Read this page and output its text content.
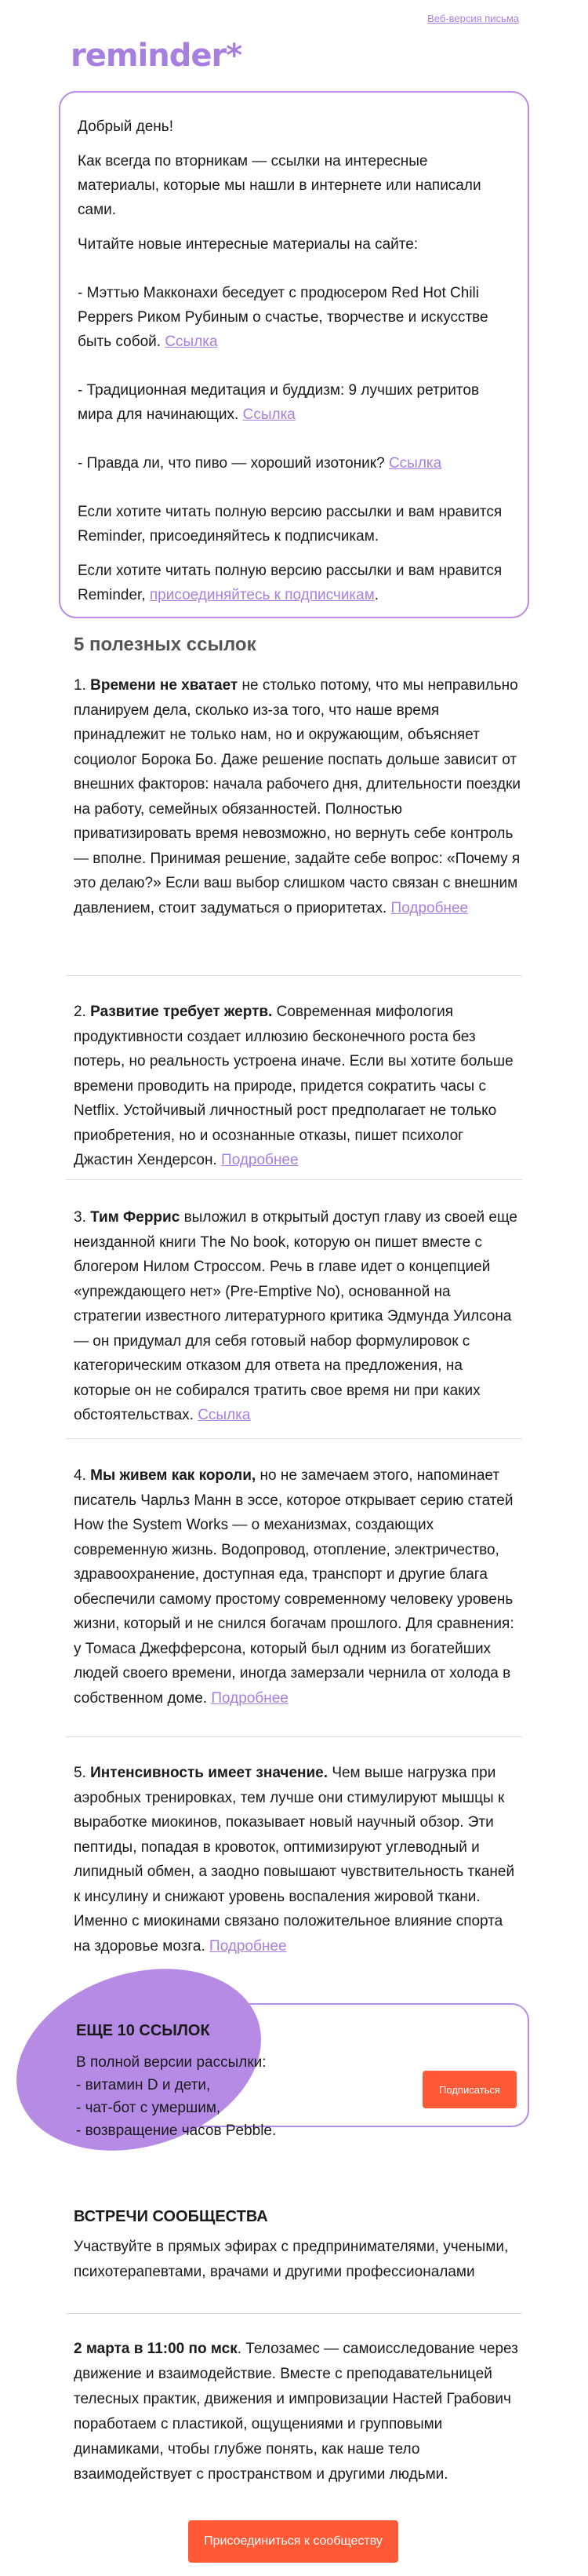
Веб-версия письма
reminder*

Добрый день!

Как всегда по вторникам — ссылки на интересные материалы, которые мы нашли в интернете или написали сами.

Читайте новые интересные материалы на сайте:

- Мэттью Макконахи беседует с продюсером Red Hot Chili Peppers Риком Рубиным о счастье, творчестве и искусстве быть собой. Ссылка

- Традиционная медитация и буддизм: 9 лучших ретритов мира для начинающих. Ссылка

- Правда ли, что пиво — хороший изотоник? Ссылка

Если хотите читать полную версию рассылки и вам нравится Reminder, присоединяйтесь к подписчикам.

Если хотите читать полную версию рассылки и вам нравится Reminder, присоединяйтесь к подписчикам.

5 полезных ссылок
1. Времени не хватает не столько потому, что мы неправильно планируем дела, сколько из-за того, что наше время принадлежит не только нам, но и окружающим, объясняет социолог Борока Бо. Даже решение поспать дольше зависит от внешних факторов: начала рабочего дня, длительности поездки на работу, семейных обязанностей. Полностью приватизировать время невозможно, но вернуть себе контроль — вполне. Принимая решение, задайте себе вопрос: «Почему я это делаю?» Если ваш выбор слишком часто связан с внешним давлением, стоит задуматься о приоритетах. Подробнее
2. Развитие требует жертв. Современная мифология продуктивности создает иллюзию бесконечного роста без потерь, но реальность устроена иначе. Если вы хотите больше времени проводить на природе, придется сократить часы с Netflix. Устойчивый личностный рост предполагает не только приобретения, но и осознанные отказы, пишет психолог Джастин Хендерсон. Подробнее
3. Тим Феррис выложил в открытый доступ главу из своей еще неизданной книги The No book, которую он пишет вместе с блогером Нилом Строссом. Речь в главе идет о концепцией «упреждающего нет» (Pre-Emptive No), основанной на стратегии известного литературного критика Эдмунда Уилсона — он придумал для себя готовый набор формулировок с категорическим отказом для ответа на предложения, на которые он не собирался тратить свое время ни при каких обстоятельствах. Ссылка
4. Мы живем как короли, но не замечаем этого, напоминает писатель Чарльз Манн в эссе, которое открывает серию статей How the System Works — о механизмах, создающих современную жизнь. Водопровод, отопление, электричество, здравоохранение, доступная еда, транспорт и другие блага обеспечили самому простому современному человеку уровень жизни, который и не снился богачам прошлого. Для сравнения: у Томаса Джефферсона, который был одним из богатейших людей своего времени, иногда замерзали чернила от холода в собственном доме. Подробнее
5. Интенсивность имеет значение. Чем выше нагрузка при аэробных тренировках, тем лучше они стимулируют мышцы к выработке миокинов, показывает новый научный обзор. Эти пептиды, попадая в кровоток, оптимизируют углеводный и липидный обмен, а заодно повышают чувствительность тканей к инсулину и снижают уровень воспаления жировой ткани. Именно с миокинами связано положительное влияние спорта на здоровье мозга. Подробнее
ЕЩЕ 10 ССЫЛОК
В полной версии рассылки:
- витамин D и дети,
- чат-бот с умершим,
- возвращение часов Pebble.
Подписаться
ВСТРЕЧИ СООБЩЕСТВА
Участвуйте в прямых эфирах с предпринимателями, учеными, психотерапевтами, врачами и другими профессионалами
2 марта в 11:00 по мск. Телозамес — самоисследование через движение и взаимодействие. Вместе с преподавательницей телесных практик, движения и импровизации Настей Грабович поработаем с пластикой, ощущениями и групповыми динамиками, чтобы глубже понять, как наше тело взаимодействует с пространством и другими людьми.
Присоединиться к сообществу
